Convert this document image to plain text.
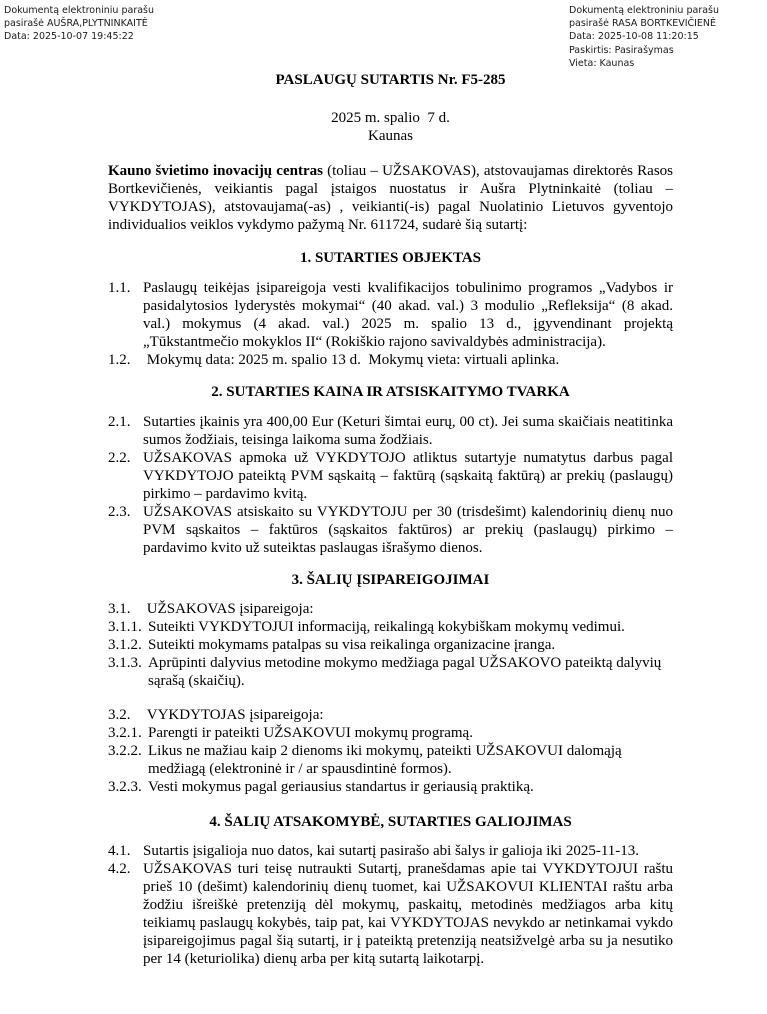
Dokumentą elektroniniu parašu
pasirašė AUŠRA,PLYTNINKAITĖ
Data: 2025-10-07 19:45:22
Dokumentą elektroniniu parašu
pasirašė RASA BORTKEVIČIENĖ
Data: 2025-10-08 11:20:15
Paskirtis: Pasirašymas
Vieta: Kaunas
PASLAUGŲ SUTARTIS Nr. F5-285
2025 m. spalio  7 d.
Kaunas
Kauno švietimo inovacijų centras (toliau – UŽSAKOVAS), atstovaujamas direktorės Rasos Bortkevičienės, veikiantis pagal įstaigos nuostatus ir Aušra Plytninkaitė (toliau – VYKDYTOJAS), atstovaujama(-as) , veikianti(-is) pagal Nuolatinio Lietuvos gyventojo individualios veiklos vykdymo pažymą Nr. 611724, sudarė šią sutartį:
1. SUTARTIES OBJEKTAS
1.1. Paslaugų teikėjas įsipareigoja vesti kvalifikacijos tobulinimo programos „Vadybos ir pasidalytosios lyderystės mokymai“ (40 akad. val.) 3 modulio „Refleksija“ (8 akad. val.) mokymus (4 akad. val.) 2025 m. spalio 13 d., įgyvendinant projektą „Tūkstantmečio mokyklos II“ (Rokiškio rajono savivaldybės administracija).
1.2. Mokymų data: 2025 m. spalio 13 d.  Mokymų vieta: virtuali aplinka.
2. SUTARTIES KAINA IR ATSISKAITYMO TVARKA
2.1. Sutarties įkainis yra 400,00 Eur (Keturi šimtai eurų, 00 ct). Jei suma skaičiais neatitinka sumos žodžiais, teisinga laikoma suma žodžiais.
2.2. UŽSAKOVAS apmoka už VYKDYTOJO atliktus sutartyje numatytus darbus pagal VYKDYTOJO pateiktą PVM sąskaitą – faktūrą (sąskaitą faktūrą) ar prekių (paslaugų) pirkimo – pardavimo kvitą.
2.3. UŽSAKOVAS atsiskaito su VYKDYTOJU per 30 (trisdešimt) kalendorinių dienų nuo PVM sąskaitos – faktūros (sąskaitos faktūros) ar prekių (paslaugų) pirkimo – pardavimo kvito už suteiktas paslaugas išrašymo dienos.
3. ŠALIŲ ĮSIPAREIGOJIMAI
3.1. UŽSAKOVAS įsipareigoja:
3.1.1. Suteikti VYKDYTOJUI informaciją, reikalingą kokybiškam mokymų vedimui.
3.1.2. Suteikti mokymams patalpas su visa reikalinga organizacine įranga.
3.1.3. Aprūpinti dalyvius metodine mokymo medžiaga pagal UŽSAKOVO pateiktą dalyvių sąrašą (skaičių).
3.2. VYKDYTOJAS įsipareigoja:
3.2.1. Parengti ir pateikti UŽSAKOVUI mokymų programą.
3.2.2. Likus ne mažiau kaip 2 dienoms iki mokymų, pateikti UŽSAKOVUI dalomąją medžiagą (elektroninė ir / ar spausdintinė formos).
3.2.3. Vesti mokymus pagal geriausius standartus ir geriausią praktiką.
4. ŠALIŲ ATSAKOMYBĖ, SUTARTIES GALIOJIMAS
4.1. Sutartis įsigalioja nuo datos, kai sutartį pasirašo abi šalys ir galioja iki 2025-11-13.
4.2. UŽSAKOVAS turi teisę nutraukti Sutartį, pranešdamas apie tai VYKDYTOJUI raštu prieš 10 (dešimt) kalendorinių dienų tuomet, kai UŽSAKOVUI KLIENTAI raštu arba žodžiu išreiškė pretenziją dėl mokymų, paskaitų, metodinės medžiagos arba kitų teikiamų paslaugų kokybės, taip pat, kai VYKDYTOJAS nevykdo ar netinkamai vykdo įsipareigojimus pagal šią sutartį, ir į pateiktą pretenziją neatsižvelgė arba su ja nesutiko per 14 (keturiolika) dienų arba per kitą sutartą laikotarpį.
